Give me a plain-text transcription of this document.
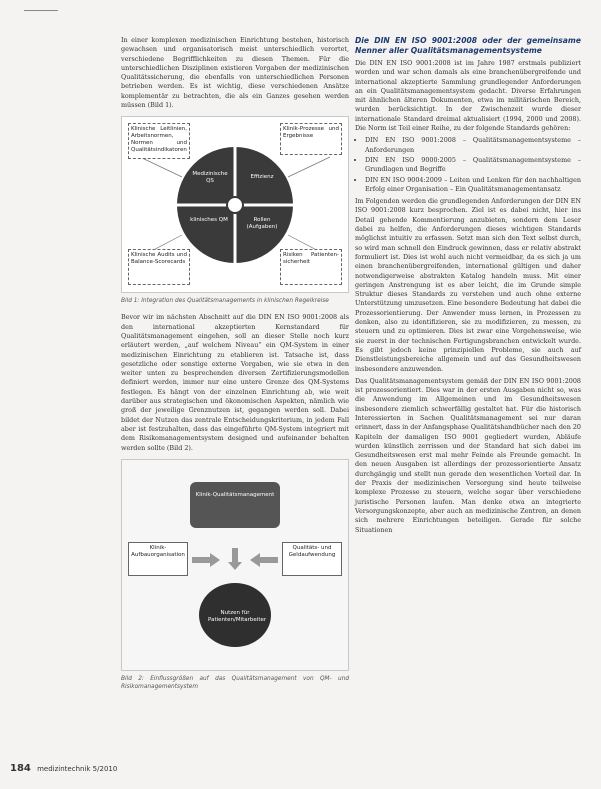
In einer komplexen medizinischen Einrichtung bestehen, historisch gewachsen und organisatorisch meist unterschiedlich verortet, verschiedene Begrifflichkeiten zu diesen Themen. Für die unterschiedlichen Disziplinen existieren Vorgaben der medizinischen Qualitätssicherung, die ebenfalls von unterschiedlichen Personen betrieben werden. Es ist wichtig, diese verschiedenen Ansätze komplementär zu betrachten, die als ein Ganzes gesehen werden müssen (Bild 1).

Klinische Leitlinien, Arbeitsnormen, Normen und Qualitätsindikatoren
Klinik-Prozesse und Ergebnisse
Klinische Audits und Balance-Scorecards
Risiken Patienten-sicherheit
Medizinische QS
Effizienz
klinisches QM	Rollen (Aufgaben)
Bild 1: Integration des Qualitätsmanagements in klinischen Regelkreise

Bevor wir im nächsten Abschnitt auf die DIN EN ISO 9001:2008 als den international akzeptierten Kernstandard für Qualitätsmanagement eingehen, soll an dieser Stelle noch kurz erläutert werden, „auf welchem Niveau“ ein QM-System in einer medizinischen Einrichtung zu etablieren ist. Tatsache ist, dass gesetzliche oder sonstige externe Vorgaben, wie sie etwa in den weiter unten zu besprechenden diversen Zertifizierungsmodellen definiert werden, immer nur eine untere Grenze des QM-Systems festlegen. Es hängt von der einzelnen Einrichtung ab, wie weit darüber aus strategischen und ökonomischen Aspekten, nämlich wie groß der jeweilige Grenznutzen ist, gegangen werden soll. Dabei bildet der Nutzen das zentrale Entscheidungskriterium, in jedem Fall aber ist festzuhalten, dass das eingeführte QM-System integriert mit dem Risikomanagementsystem designed und aufeinander behalten werden sollte (Bild 2).

Klinik-Qualitätsmanagement
Klinik-Aufbauorganisation
Qualitäts- und Geldaufwendung
Nutzen für Patienten/Mitarbeiter
Bild 2: Einflussgrößen auf das Qualitätsmanagement von QM- und Risikomanagementsystem
Die DIN EN ISO 9001:2008 oder der gemeinsame Nenner aller Qualitätsmanagementsysteme

Die DIN EN ISO 9001:2008 ist im Jahre 1987 erstmals publiziert worden und war schon damals als eine branchenübergreifende und international akzeptierte Sammlung grundlegender Anforderungen an ein Qualitätsmanagementsystem gedacht. Diverse Erfahrungen mit ähnlichen älteren Dokumenten, etwa im militärischen Bereich, wurden berücksichtigt. In der Zwischenzeit wurde dieser internationale Standard dreimal aktualisiert (1994, 2000 und 2008). Die Norm ist Teil einer Reihe, zu der folgende Standards gehören:

• DIN EN ISO 9001:2008 – Qualitätsmanagementsysteme – Anforderungen
• DIN EN ISO 9000:2005 – Qualitätsmanagementsysteme – Grundlagen und Begriffe
• DIN EN ISO 9004:2009 – Leiten und Lenken für den nachhaltigen Erfolg einer Organisation – Ein Qualitätsmanagementansatz

Im Folgenden werden die grundlegenden Anforderungen der DIN EN ISO 9001:2008 kurz besprochen. Ziel ist es dabei nicht, hier ins Detail gehende Kommentierung anzubieten, sondern dem Leser dabei zu helfen, die Anforderungen dieses wichtigen Standards möglichst intuitiv zu erfassen. Setzt man sich den Text selbst durch, so wird man schnell den Eindruck gewinnen, dass er relativ abstrakt formuliert ist. Dies ist wohl auch nicht vermeidbar, da es sich ja um einen branchenübergreifenden, international gültigen und daher notwendigerweise abstrakten Katalog handeln muss. Mit einer geringen Anstrengung ist es aber leicht, die im Grunde simple Struktur dieses Standards zu verstehen und auch ohne externe Unterstützung umzusetzen. Eine besondere Bedeutung hat dabei die Prozessorientierung. Der Anwender muss lernen, in Prozessen zu denken, also zu identifizieren, sie zu modifizieren, zu messen, zu steuern und zu optimieren. Dies ist zwar eine Vorgehensweise, wie sie zuerst in der technischen Fertigungsbranchen entwickelt wurde. Es gibt jedoch keine prinzipiellen Probleme, sie auch auf Dienstleistungsbereiche allgemein und auf das Gesundheitswesen insbesondere anzuwenden.

Das Qualitätsmanagementsystem gemäß der DIN EN ISO 9001:2008 ist prozessorientiert. Dies war in der ersten Ausgaben nicht so, was die Anwendung im Allgemeinen und im Gesundheitswesen insbesondere ziemlich schwerfällig gestaltet hat. Für die historisch Interessierten in Sachen Qualitätsmanagement sei nur daran erinnert, dass in der Anfangsphase Qualitätshandbücher nach den 20 Kapiteln der damaligen ISO 9001 gegliedert wurden, Abläufe wurden künstlich zerrissen und der Standard hat sich dabei im Gesundheitswesen erst mal mehr Feinde als Freunde gemacht. In den neuen Ausgaben ist allerdings der prozessorientierte Ansatz durchgängig und stellt nun gerade den wesentlichen Vorteil dar. In der Praxis der medizinischen Versorgung sind heute teilweise komplexe Prozesse zu steuern, welche sogar über verschiedene juristische Personen laufen. Man denke etwa an integrierte Versorgungskonzepte, aber auch an medizinische Zentren, an denen sich mehrere Einrichtungen beteiligen. Gerade für solche Situationen

184 medizintechnik 5/2010
